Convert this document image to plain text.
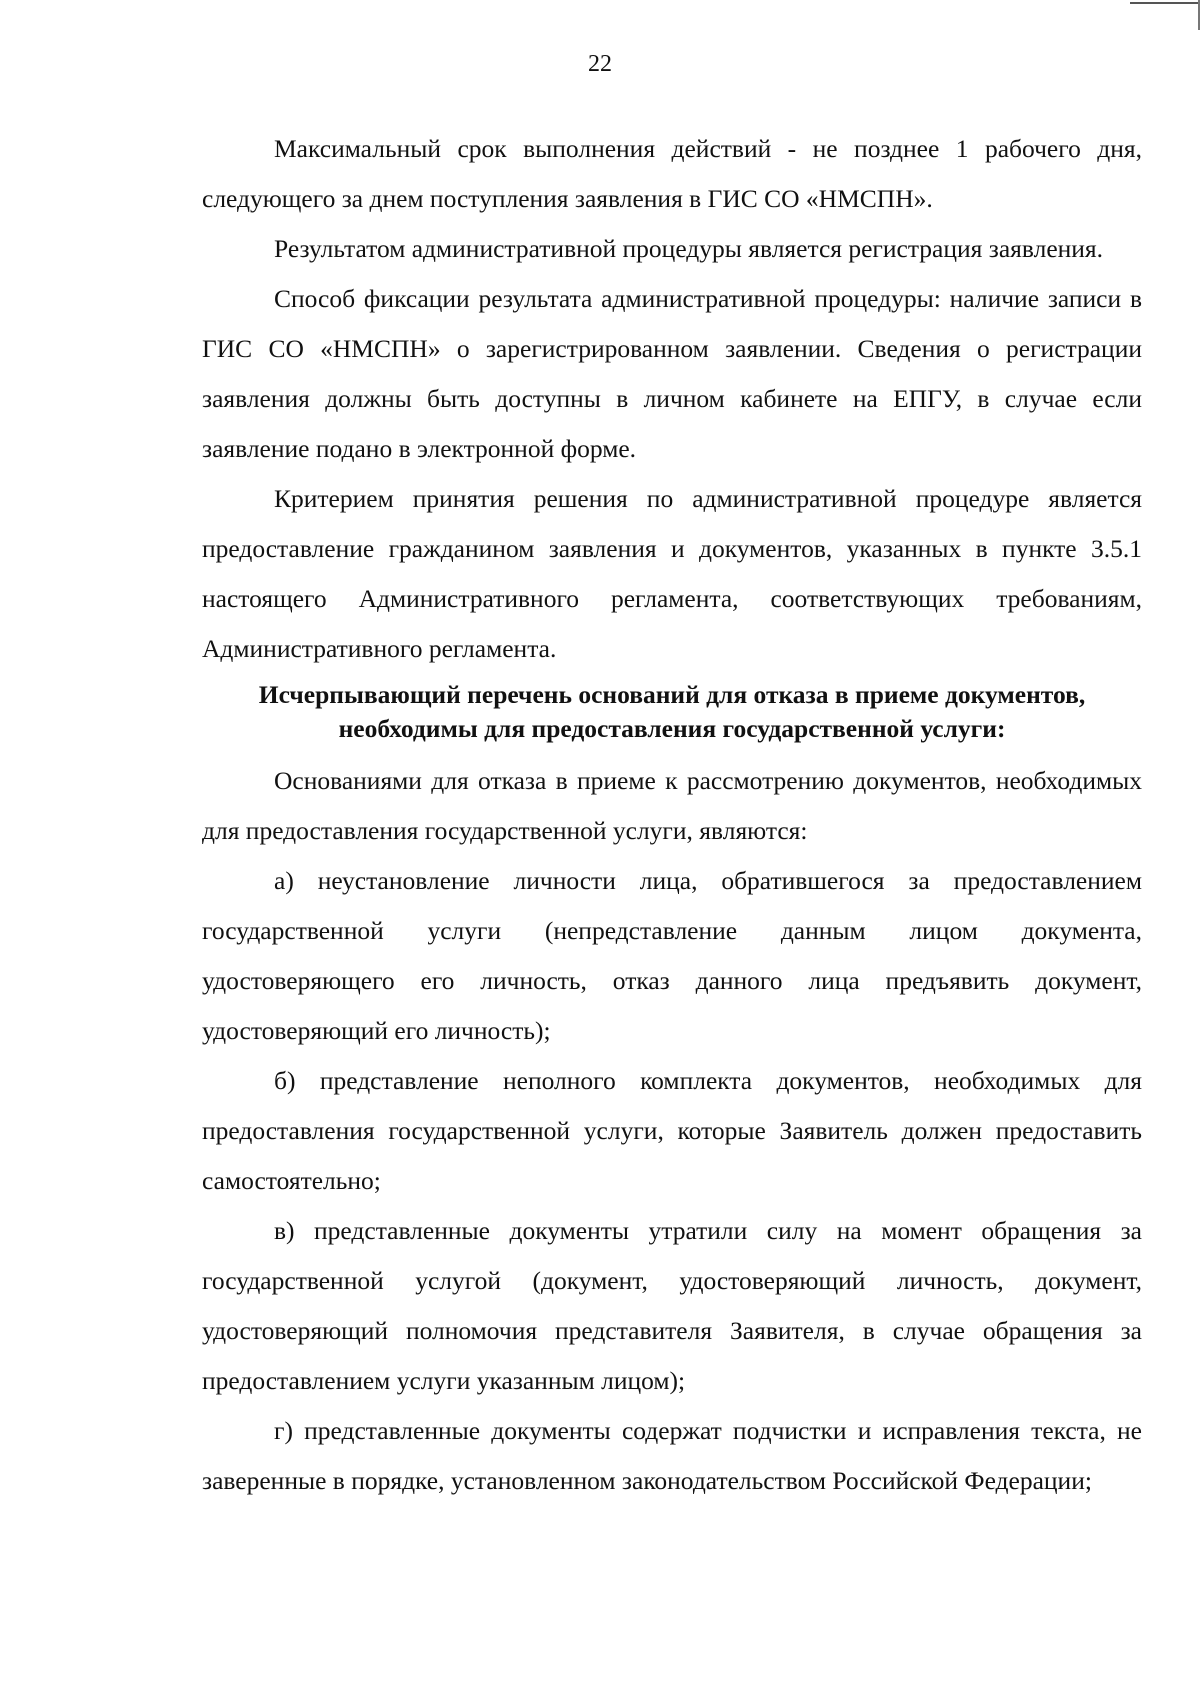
22

Максимальный срок выполнения действий - не позднее 1 рабочего дня, следующего за днем поступления заявления в ГИС СО «НМСПН».

Результатом административной процедуры является регистрация заявления.

Способ фиксации результата административной процедуры: наличие записи в ГИС СО «НМСПН» о зарегистрированном заявлении. Сведения о регистрации заявления должны быть доступны в личном кабинете на ЕПГУ, в случае если заявление подано в электронной форме.

Критерием принятия решения по административной процедуре является предоставление гражданином заявления и документов, указанных в пункте 3.5.1 настоящего Административного регламента, соответствующих требованиям, Административного регламента.

Исчерпывающий перечень оснований для отказа в приеме документов,
необходимы для предоставления государственной услуги:

Основаниями для отказа в приеме к рассмотрению документов, необходимых для предоставления государственной услуги, являются:

а) неустановление личности лица, обратившегося за предоставлением государственной услуги (непредставление данным лицом документа, удостоверяющего его личность, отказ данного лица предъявить документ, удостоверяющий его личность);

б) представление неполного комплекта документов, необходимых для предоставления государственной услуги, которые Заявитель должен предоставить самостоятельно;

в) представленные документы утратили силу на момент обращения за государственной услугой (документ, удостоверяющий личность, документ, удостоверяющий полномочия представителя Заявителя, в случае обращения за предоставлением услуги указанным лицом);

г) представленные документы содержат подчистки и исправления текста, не заверенные в порядке, установленном законодательством Российской Федерации;
